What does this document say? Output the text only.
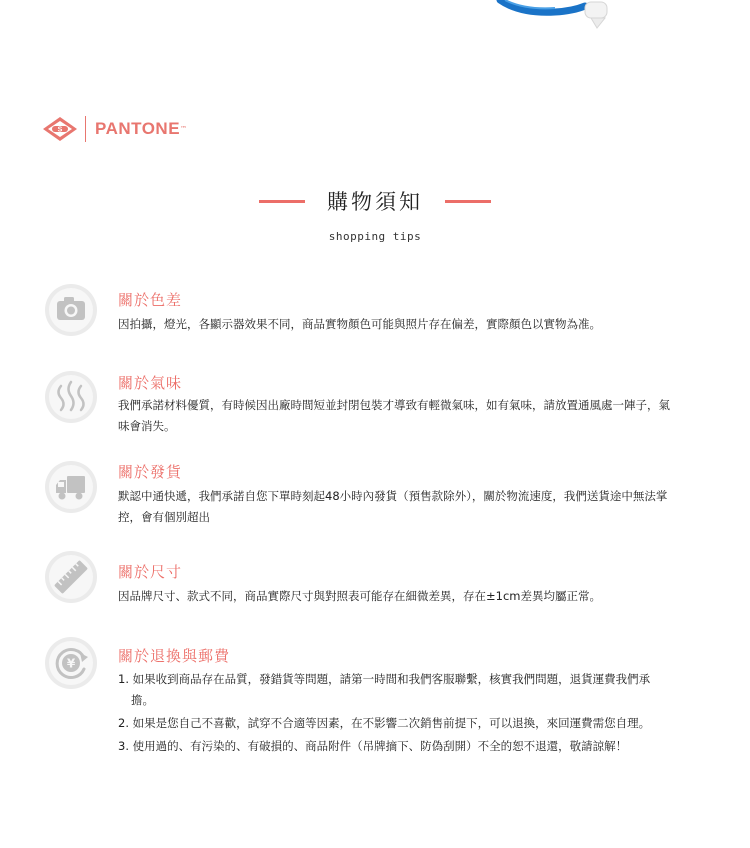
S PANTONE ™
購物須知
shopping tips
關於色差
因拍攝，燈光，各顯示器效果不同，商品實物顏色可能與照片存在偏差，實際顏色以實物為准。
關於氣味
我們承諾材料優質，有時候因出廠時間短並封閉包裝才導致有輕微氣味，如有氣味，請放置通風處一陣子，氣味會消失。
關於發貨
默認中通快遞，我們承諾自您下單時刻起48小時內發貨（預售款除外），關於物流速度，我們送貨途中無法掌控，會有個別超出
關於尺寸
因品牌尺寸、款式不同，商品實際尺寸與對照表可能存在細微差異，存在±1cm差異均屬正常。
¥	關於退換與郵費
1. 如果收到商品存在品質，發錯貨等問題，請第一時間和我們客服聯繫，核實我們問題，退貨運費我們承擔。
2. 如果是您自己不喜歡，試穿不合適等因素，在不影響二次銷售前提下，可以退換，來回運費需您自理。
3. 使用過的、有污染的、有破損的、商品附件（吊牌摘下、防偽刮開）不全的恕不退還，敬請諒解！
